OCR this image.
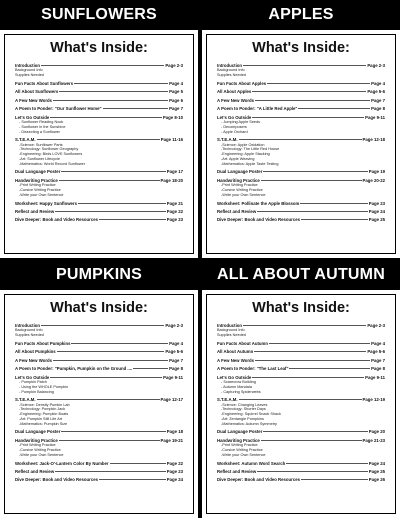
SUNFLOWERS
What's Inside:
Introduction	Page 2-3
Background Info
Supplies Needed
Fun Facts About Sunflowers	Page 4
All About Sunflowers	Page 5
A Few New Words	Page 6
A Poem to Ponder: "Our Sunflower Home"	Page 7
Let's Go Outside	Page 8-10
- Sunflower Reading Nook
- Sunflower in the Sunshine
- Dissecting a Sunflower
S.T.E.A.M.	Page 11-16
-Science: Sunflower Parts
-Technology: Sunflower Geography
-Engineering: Birds LOVE Sunflowers
-Art: Sunflower Lifecycle
-Mathematics: World Record Sunflower
Dual Language Poster	Page 17
Handwriting Practice	Page 18-20
-Print Writing Practice
-Cursive Writing Practice
-Write your Own Sentence
Worksheet: Happy Sunflowers	Page 21
Reflect and Review	Page 22
Dive Deeper: Book and Video Resources	Page 23
APPLES
What's Inside:
Introduction	Page 2-3
Background Info
Supplies Needed
Fun Facts About Apples	Page 4
All About Apples	Page 5-6
A Few New Words	Page 7
A Poem to Ponder: "A Little Red Apple"	Page 8
Let's Go Outside	Page 9-11
- Jumping Apple Seeds
- Decomposers
- Apple Orchard
S.T.E.A.M.	Page 12-18
-Science: Apple Oxidation
-Technology: The Little Red House
-Engineering: Apple Stacking
-Art: Apple Weaving
-Mathematics: Apple Taste Testing
Dual Language Poster	Page 19
Handwriting Practice	Page 20-22
-Print Writing Practice
-Cursive Writing Practice
-Write your Own Sentence
Worksheet: Pollinate the Apple Blossom	Page 23
Reflect and Review	Page 24
Dive Deeper: Book and Video Resources	Page 25
PUMPKINS
What's Inside:
Introduction	Page 2-3
Background Info
Supplies Needed
Fun Facts About Pumpkins	Page 4
All About Pumpkins	Page 5-6
A Few New Words	Page 7
A Poem to Ponder: "Pumpkin, Pumpkin on the Ground ....	Page 8
Let's Go Outside	Page 9-11
- Pumpkin Patch
- Using the WHOLE Pumpkin
- Pumpkin Balancing
S.T.E.A.M.	Page 12-17
-Science: Density Pumkin Lab
-Technology: Pumpkin Jack
-Engineering: Pumpkin Boats
-Art: Pumpkin Still Life Art
-Mathematics: Pumpkin Size
Dual Language Poster	Page 18
Handwriting Practice	Page 19-21
-Print Writing Practice
-Cursive Writing Practice
-Write your Own Sentence
Worksheet: Jack-O'-Lantern Color By Number	Page 22
Reflect and Review	Page 23
Dive Deeper: Book and Video Resources	Page 24
ALL ABOUT AUTUMN
What's Inside:
Introduction	Page 2-3
Background Info
Supplies Needed
Fun Facts About Autumn	Page 4
All About Autumn	Page 5-6
A Few New Words	Page 7
A Poem to Ponder: "The Last Leaf"	Page 8
Let's Go Outside	Page 9-11
- Scarecrow Building
- Autumn Mandala
- Capturing Spiderwebs
S.T.E.A.M.	Page 12-19
-Science: Changing Leaves
-Technology: Shorter Days
-Engineering: Squirrel Snack Shack
-Art: Zentangle Pumpkins
-Mathematics: Autumn Symmetry
Dual Language Poster	Page 20
Handwriting Practice	Page 21-23
-Print Writing Practice
-Cursive Writing Practice
-Write your Own Sentence
Worksheet: Autumn Word Search	Page 24
Reflect and Review	Page 25
Dive Deeper: Book and Video Resources	Page 26
